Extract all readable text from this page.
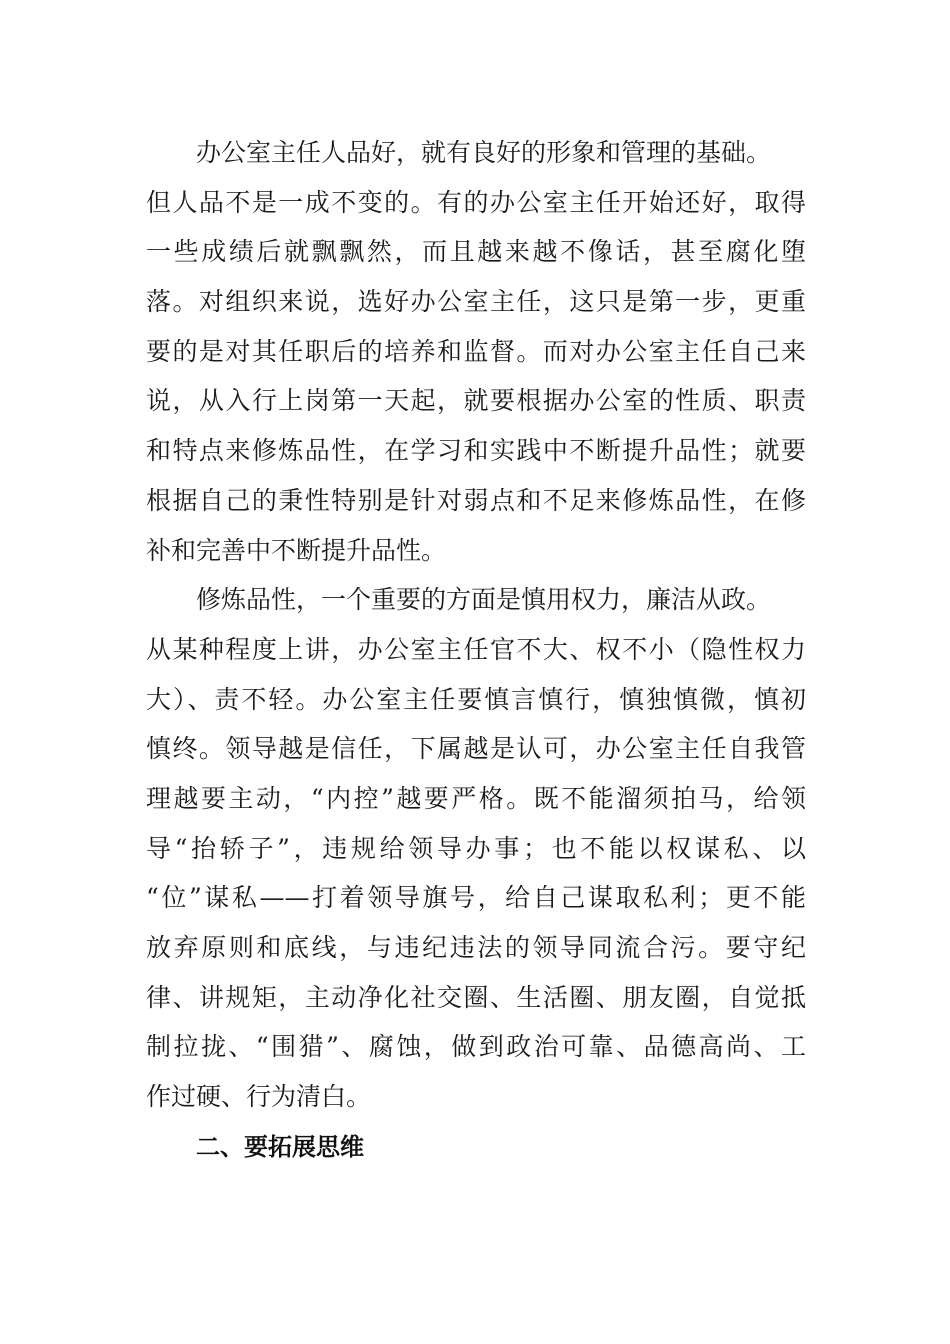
办公室主任人品好，就有良好的形象和管理的基础。
但人品不是一成不变的。有的办公室主任开始还好，取得
一些成绩后就飘飘然，而且越来越不像话，甚至腐化堕
落。对组织来说，选好办公室主任，这只是第一步，更重
要的是对其任职后的培养和监督。而对办公室主任自己来
说，从入行上岗第一天起，就要根据办公室的性质、职责
和特点来修炼品性，在学习和实践中不断提升品性；就要
根据自己的秉性特别是针对弱点和不足来修炼品性，在修
补和完善中不断提升品性。
修炼品性，一个重要的方面是慎用权力，廉洁从政。
从某种程度上讲，办公室主任官不大、权不小（隐性权力
大）、责不轻。办公室主任要慎言慎行，慎独慎微，慎初
慎终。领导越是信任，下属越是认可，办公室主任自我管
理越要主动，“内控”越要严格。既不能溜须拍马，给领
导“抬轿子”，违规给领导办事；也不能以权谋私、以
“位”谋私——打着领导旗号，给自己谋取私利；更不能
放弃原则和底线，与违纪违法的领导同流合污。要守纪
律、讲规矩，主动净化社交圈、生活圈、朋友圈，自觉抵
制拉拢、“围猎”、腐蚀，做到政治可靠、品德高尚、工
作过硬、行为清白。
二、要拓展思维
